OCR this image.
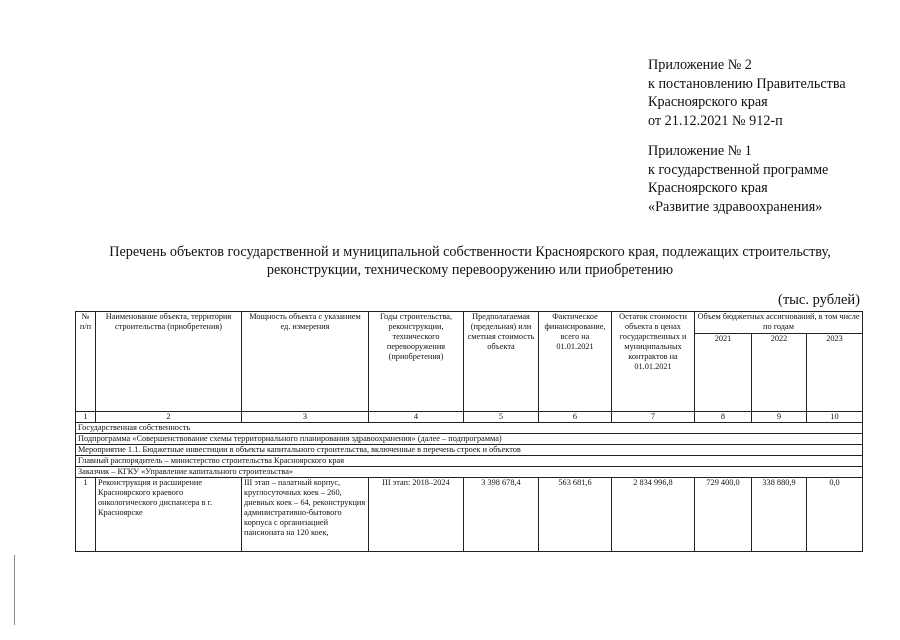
Приложение № 2
к постановлению Правительства
Красноярского края
от 21.12.2021 № 912-п
Приложение № 1
к государственной программе
Красноярского края
«Развитие здравоохранения»
Перечень объектов государственной и муниципальной собственности Красноярского края, подлежащих строительству,
реконструкции, техническому перевооружению или приобретению
(тыс. рублей)
№ п/п	Наименование объекта, территория строительства (приобретения)	Мощность объекта с указанием ед. измерения	Годы строительства, реконструкции, технического перевооружения (приобретения)	Предполагаемая (предельная) или сметная стоимость объекта	Фактическое финансирование, всего на 01.01.2021	Остаток стоимости объекта в ценах государственных и муниципальных контрактов на 01.01.2021	Объем бюджетных ассигнований, в том числе по годам		
							2021	2022	2023
1	2	3	4	5	6	7	8	9	10
Государственная собственность									
Подпрограмма «Совершенствование схемы территориального планирования здравоохранения» (далее – подпрограмма)									
Мероприятие 1.1. Бюджетные инвестиции в объекты капитального строительства, включенные в перечень строек и объектов									
Главный распорядитель – министерство строительства Красноярского края									
Заказчик – КГКУ «Управление капитального строительства»									
1	Реконструкция и расширение Красноярского краевого онкологического диспансера в г. Красноярске	III этап – палатный корпус, круглосуточных коек – 260, дневных коек – 64, реконструкция административно-бытового корпуса с организацией пансионата на 120 коек,	III этап: 2018–2024	3 398 678,4	563 681,6	2 834 996,8	729 400,0	338 880,9	0,0
